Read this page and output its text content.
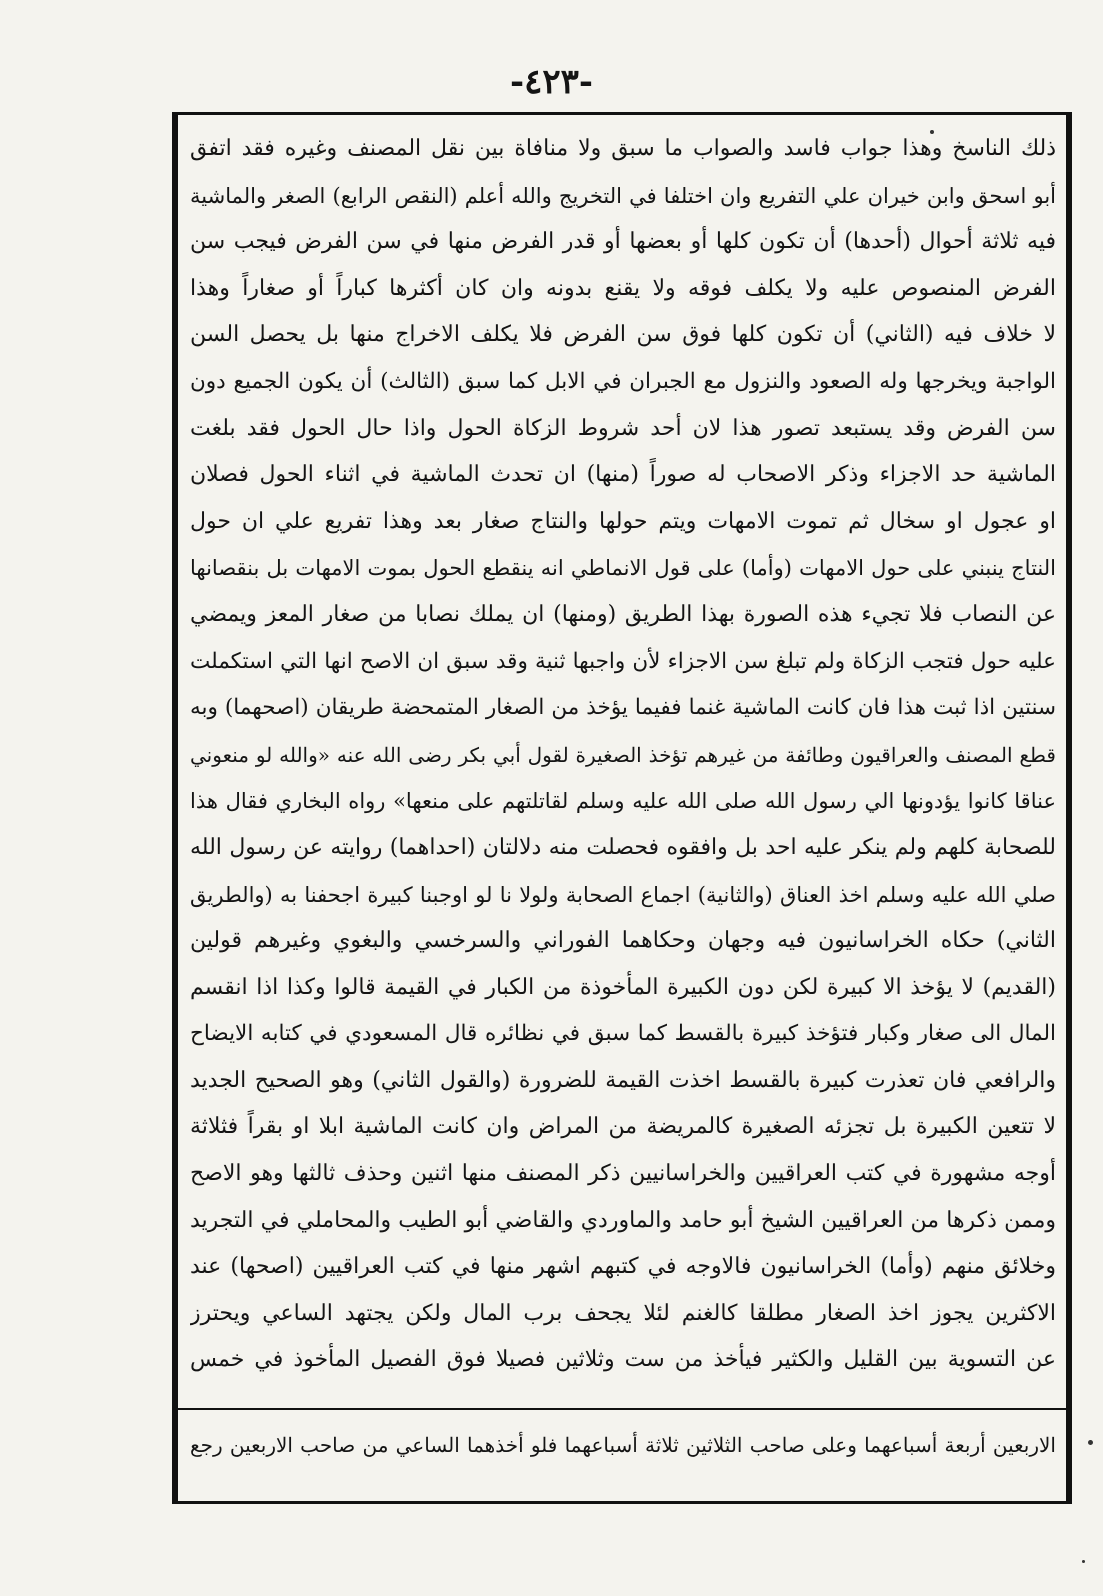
-٤٢٣-
ذلك الناسخ وهذا جواب فاسد والصواب ما سبق ولا منافاة بين نقل المصنف وغيره فقد اتفق
أبو اسحق وابن خيران علي التفريع وان اختلفا في التخريج والله أعلم (النقص الرابع) الصغر والماشية
فيه ثلاثة أحوال (أحدها) أن تكون كلها أو بعضها أو قدر الفرض منها في سن الفرض فيجب سن
الفرض المنصوص عليه ولا يكلف فوقه ولا يقنع بدونه وان كان أكثرها كباراً أو صغاراً وهذا
لا خلاف فيه (الثاني) أن تكون كلها فوق سن الفرض فلا يكلف الاخراج منها بل يحصل السن
الواجبة ويخرجها وله الصعود والنزول مع الجبران في الابل كما سبق (الثالث) أن يكون الجميع دون
سن الفرض وقد يستبعد تصور هذا لان أحد شروط الزكاة الحول واذا حال الحول فقد بلغت
الماشية حد الاجزاء وذكر الاصحاب له صوراً (منها) ان تحدث الماشية في اثناء الحول فصلان
او عجول او سخال ثم تموت الامهات ويتم حولها والنتاج صغار بعد وهذا تفريع علي ان حول
النتاج ينبني على حول الامهات (وأما) على قول الانماطي انه ينقطع الحول بموت الامهات بل بنقصانها
عن النصاب فلا تجيء هذه الصورة بهذا الطريق (ومنها) ان يملك نصابا من صغار المعز ويمضي
عليه حول فتجب الزكاة ولم تبلغ سن الاجزاء لأن واجبها ثنية وقد سبق ان الاصح انها التي استكملت
سنتين اذا ثبت هذا فان كانت الماشية غنما ففيما يؤخذ من الصغار المتمحضة طريقان (اصحهما) وبه
قطع المصنف والعراقيون وطائفة من غيرهم تؤخذ الصغيرة لقول أبي بكر رضى الله عنه «والله لو منعوني
عناقا كانوا يؤدونها الي رسول الله صلى الله عليه وسلم لقاتلتهم على منعها» رواه البخاري فقال هذا
للصحابة كلهم ولم ينكر عليه احد بل وافقوه فحصلت منه دلالتان (احداهما) روايته عن رسول الله
صلي الله عليه وسلم اخذ العناق (والثانية) اجماع الصحابة ولولا نا لو اوجبنا كبيرة اجحفنا به (والطريق
الثاني) حكاه الخراسانيون فيه وجهان وحكاهما الفوراني والسرخسي والبغوي وغيرهم قولين
(القديم) لا يؤخذ الا كبيرة لكن دون الكبيرة المأخوذة من الكبار في القيمة قالوا وكذا اذا انقسم
المال الى صغار وكبار فتؤخذ كبيرة بالقسط كما سبق في نظائره قال المسعودي في كتابه الايضاح
والرافعي فان تعذرت كبيرة بالقسط اخذت القيمة للضرورة (والقول الثاني) وهو الصحيح الجديد
لا تتعين الكبيرة بل تجزئه الصغيرة كالمريضة من المراض وان كانت الماشية ابلا او بقراً فثلاثة
أوجه مشهورة في كتب العراقيين والخراسانيين ذكر المصنف منها اثنين وحذف ثالثها وهو الاصح
وممن ذكرها من العراقيين الشيخ أبو حامد والماوردي والقاضي أبو الطيب والمحاملي في التجريد
وخلائق منهم (وأما) الخراسانيون فالاوجه في كتبهم اشهر منها في كتب العراقيين (اصحها) عند
الاكثرين يجوز اخذ الصغار مطلقا كالغنم لئلا يجحف برب المال ولكن يجتهد الساعي ويحترز
عن التسوية بين القليل والكثير فيأخذ من ست وثلاثين فصيلا فوق الفصيل المأخوذ في خمس
الاربعين أربعة أسباعهما وعلى صاحب الثلاثين ثلاثة أسباعهما فلو أخذهما الساعي من صاحب الاربعين رجع
